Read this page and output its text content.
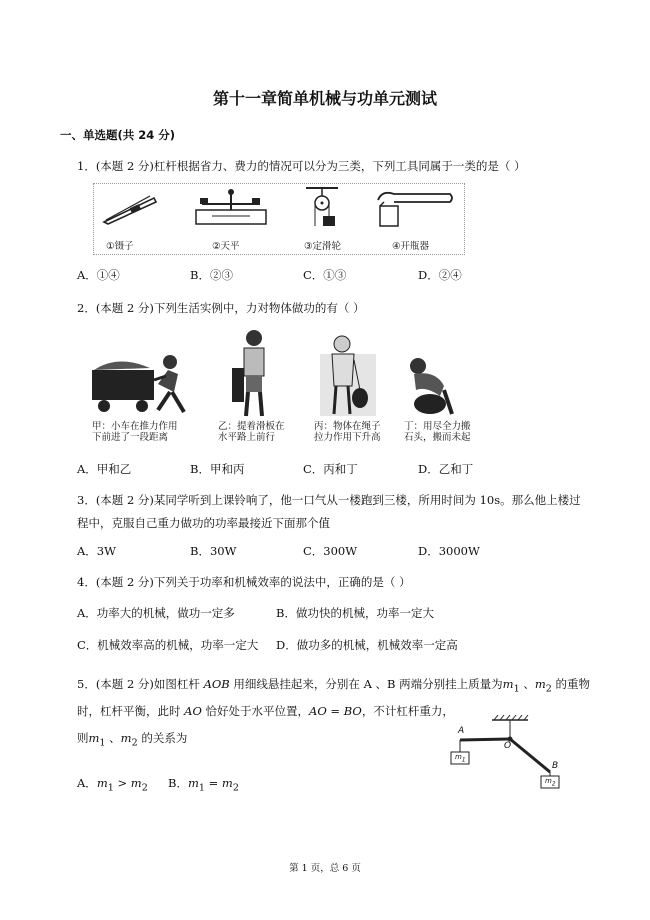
第十一章简单机械与功单元测试
一、单选题(共 24 分)
1．(本题 2 分)杠杆根据省力、费力的情况可以分为三类，下列工具同属于一类的是（ ）
①镊子	②天平	③定滑轮	④开瓶器
A．①④	B．②③	C．①③	D．②④
2．(本题 2 分)下列生活实例中，力对物体做功的有（ ）
甲：小车在推力作用
下前进了一段距离
乙：提着滑板在
水平路上前行
丙：物体在绳子
拉力作用下升高
丁：用尽全力搬
石头，搬而未起
A．甲和乙	B．甲和丙	C．丙和丁	D．乙和丁
3．(本题 2 分)某同学听到上课铃响了，他一口气从一楼跑到三楼，所用时间为 10s。那么他上楼过
程中，克服自己重力做功的功率最接近下面那个值
A．3W	B．30W	C．300W	D．3000W
4．(本题 2 分)下列关于功率和机械效率的说法中，正确的是（ ）
A．功率大的机械，做功一定多	B．做功快的机械，功率一定大
C．机械效率高的机械，功率一定大 D．做功多的机械，机械效率一定高
5．(本题 2 分)如图杠杆 AOB 用细线悬挂起来，分别在 A 、B 两端分别挂上质量为$m_1$ 、$m_2$ 的重物
时，杠杆平衡，此时 AO 恰好处于水平位置，AO = BO，不计杠杆重力，
则$m_1$ 、$m_2$ 的关系为
A．$m_1 > m_2$ B．$m_1 = m_2$
A
O
B
$m_1$
$m_2$
第 1 页，总 6 页
